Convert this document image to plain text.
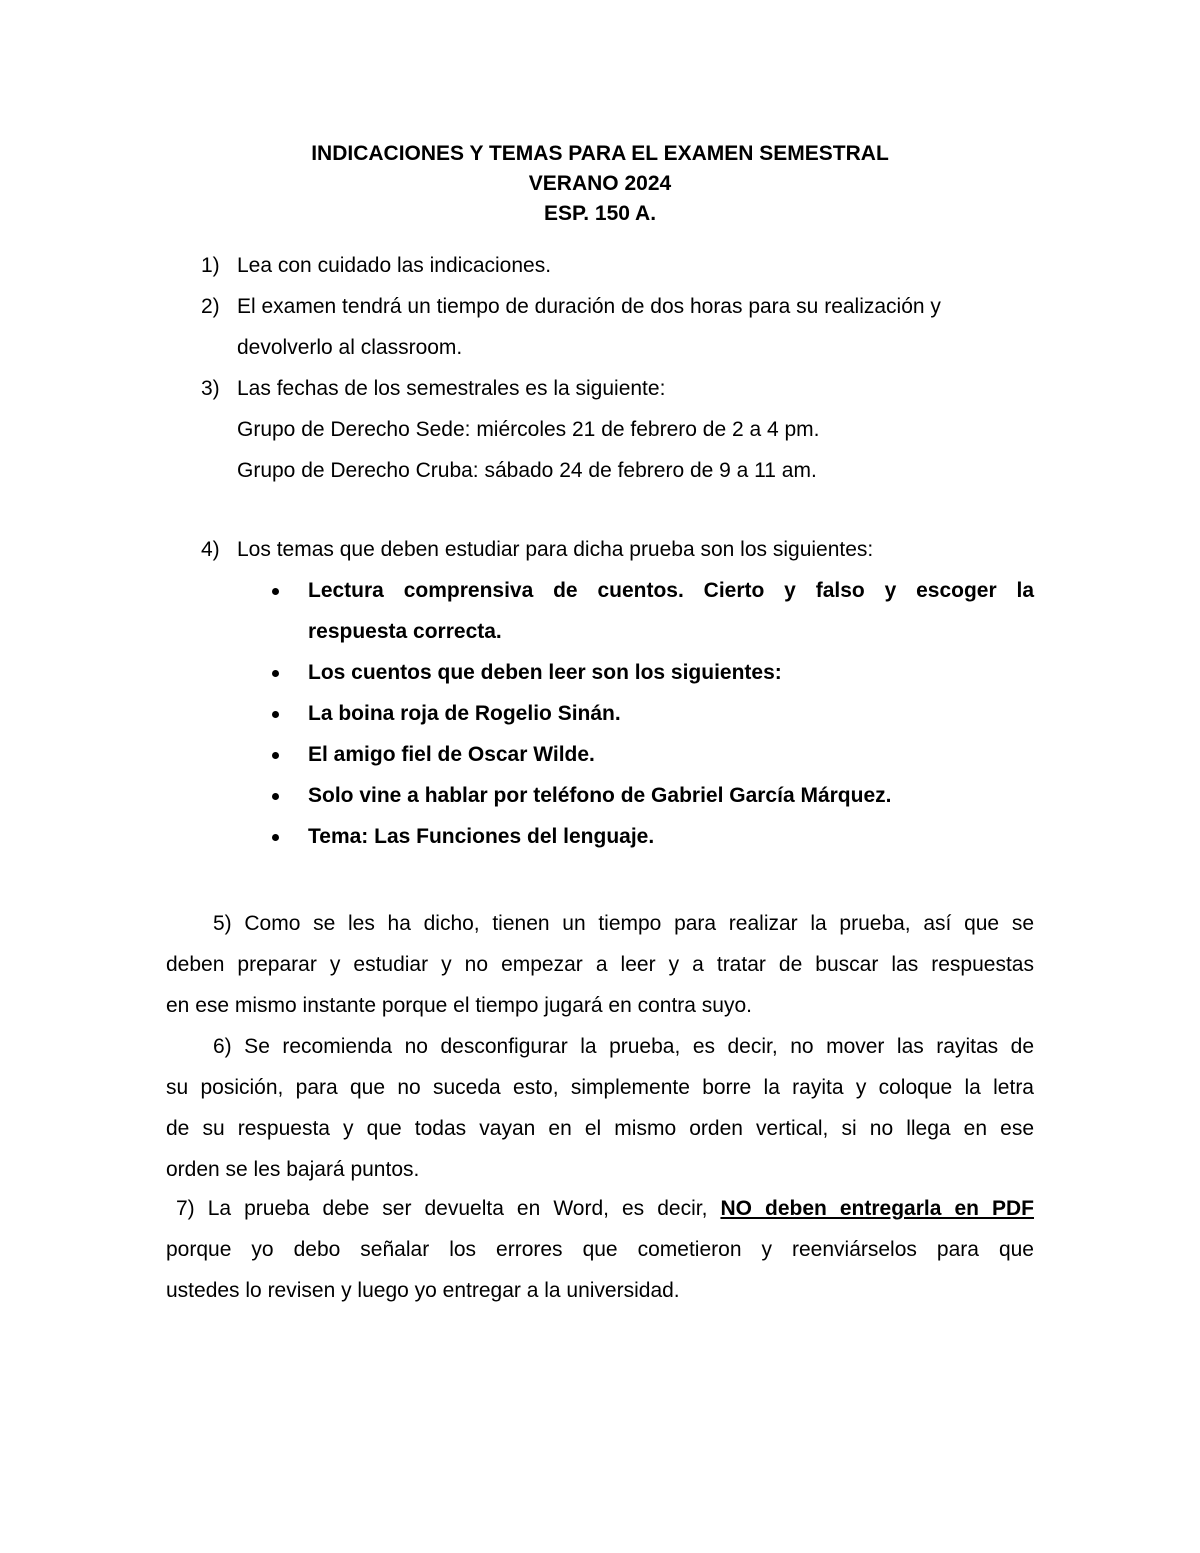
INDICACIONES Y TEMAS PARA EL EXAMEN SEMESTRAL
VERANO 2024
ESP. 150 A.
1) Lea con cuidado las indicaciones.
2) El examen tendrá un tiempo de duración de dos horas para su realización y
devolverlo al classroom.
3) Las fechas de los semestrales es la siguiente:
Grupo de Derecho Sede: miércoles 21 de febrero de 2 a 4 pm.
Grupo de Derecho Cruba: sábado 24 de febrero de 9 a 11 am.
4) Los temas que deben estudiar para dicha prueba son los siguientes:
Lectura comprensiva de cuentos. Cierto y falso y escoger la
respuesta correcta.
Los cuentos que deben leer son los siguientes:
La boina roja de Rogelio Sinán.
El amigo fiel de Oscar Wilde.
Solo vine a hablar por teléfono de Gabriel García Márquez.
Tema: Las Funciones del lenguaje.
5) Como se les ha dicho, tienen un tiempo para realizar la prueba, así que se
deben preparar y estudiar y no empezar a leer y a tratar de buscar las respuestas
en ese mismo instante porque el tiempo jugará en contra suyo.
6) Se recomienda no desconfigurar la prueba, es decir, no mover las rayitas de
su posición, para que no suceda esto, simplemente borre la rayita y coloque la letra
de su respuesta y que todas vayan en el mismo orden vertical, si no llega en ese
orden se les bajará puntos.
7) La prueba debe ser devuelta en Word, es decir, NO deben entregarla en PDF
porque yo debo señalar los errores que cometieron y reenviárselos para que
ustedes lo revisen y luego yo entregar a la universidad.
